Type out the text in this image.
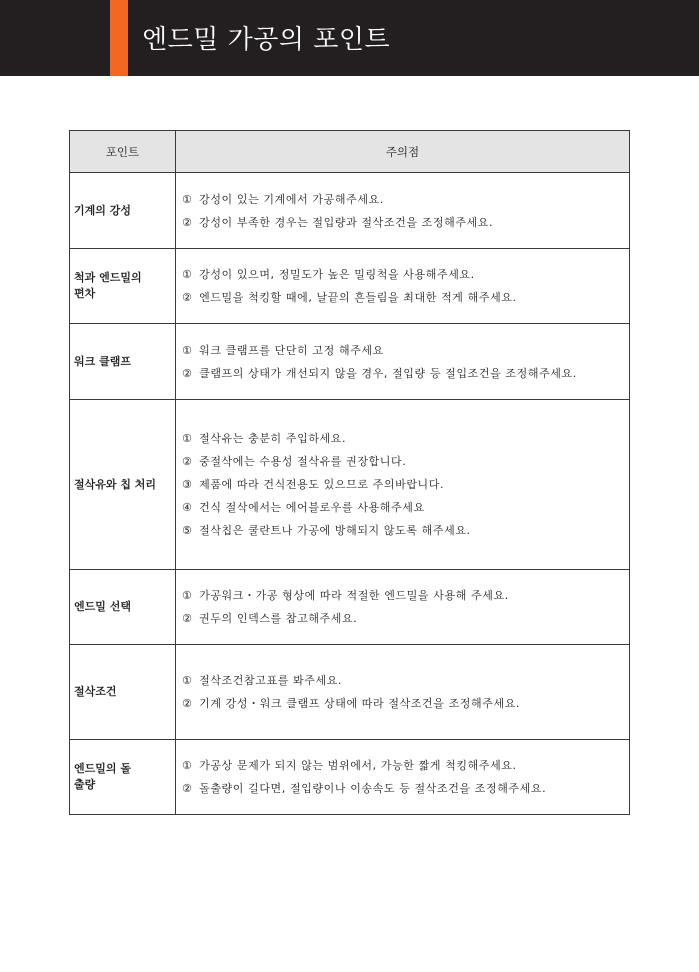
엔드밀 가공의 포인트
포인트	주의점

기계의 강성	① 강성이 있는 기계에서 가공해주세요.
② 강성이 부족한 경우는 절입량과 절삭조건을 조정해주세요.

척과 엔드밀의 편차	① 강성이 있으며, 정밀도가 높은 밀링척을 사용해주세요.
② 엔드밀을 척킹할 때에, 날끝의 흔들림을 최대한 적게 해주세요.

워크 클램프	① 워크 클램프를 단단히 고정 해주세요
② 클램프의 상태가 개선되지 않을 경우, 절입량 등 절입조건을 조정해주세요.

절삭유와 칩 처리	① 절삭유는 충분히 주입하세요.
② 중절삭에는 수용성 절삭유를 권장합니다.
③ 제품에 따라 건식전용도 있으므로 주의바랍니다.
④ 건식 절삭에서는 에어블로우를 사용해주세요
⑤ 절삭칩은 쿨란트나 가공에 방해되지 않도록 해주세요.

엔드밀 선택	① 가공워크・가공 형상에 따라 적절한 엔드밀을 사용해 주세요.
② 권두의 인덱스를 참고해주세요.

절삭조건	① 절삭조건참고표를 봐주세요.
② 기계 강성・워크 클램프 상태에 따라 절삭조건을 조정해주세요.

엔드밀의 돌출량	① 가공상 문제가 되지 않는 범위에서, 가능한 짧게 척킹해주세요.
② 돌출량이 길다면, 절입량이나 이송속도 등 절삭조건을 조정해주세요.
